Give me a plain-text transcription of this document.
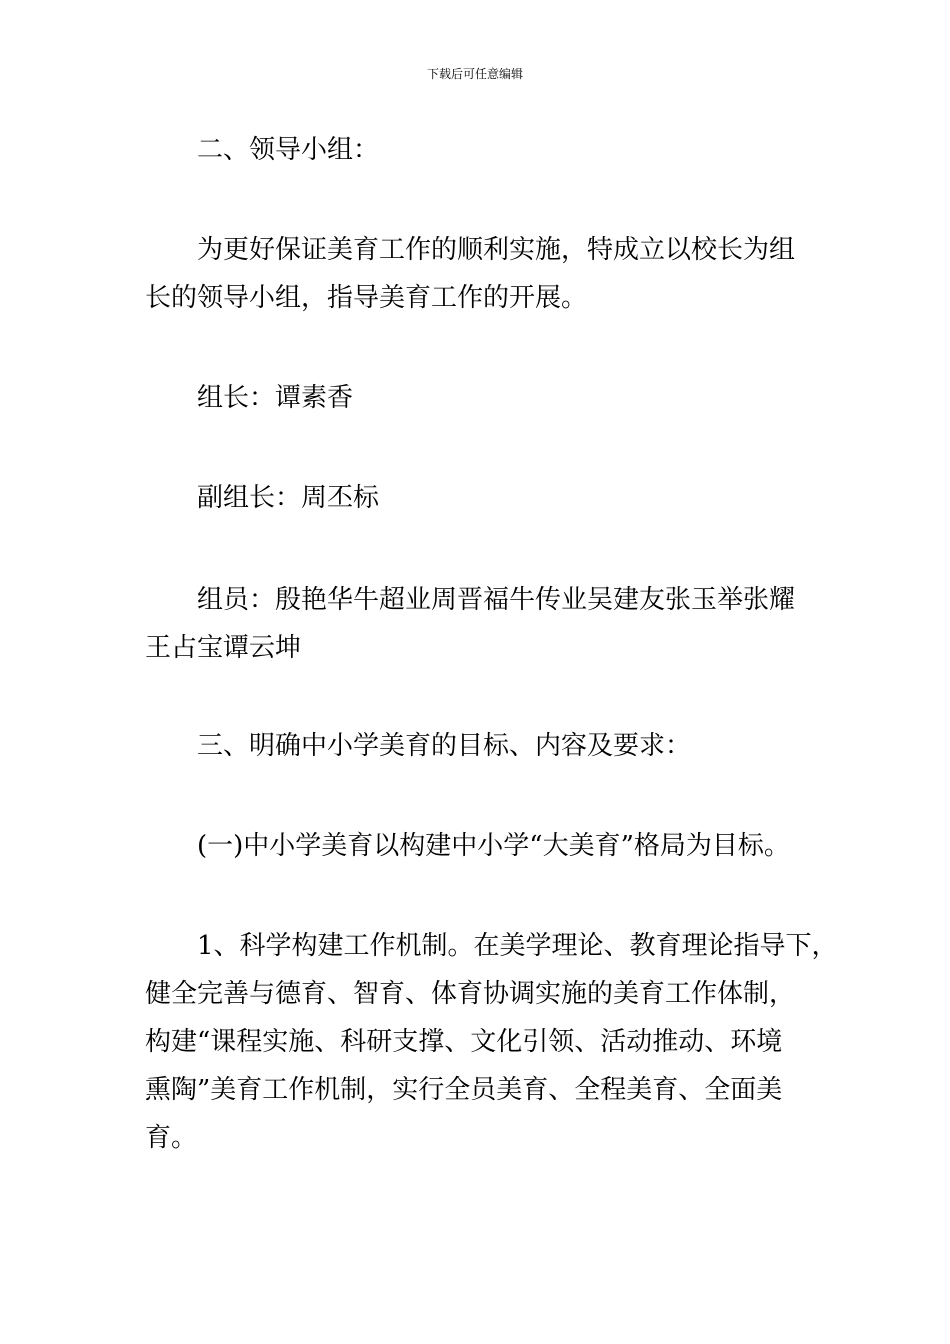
下载后可任意编辑

二、领导小组：

为更好保证美育工作的顺利实施，特成立以校长为组
长的领导小组，指导美育工作的开展。

组长：谭素香

副组长：周丕标

组员：殷艳华牛超业周晋福牛传业吴建友张玉举张耀
王占宝谭云坤

三、明确中小学美育的目标、内容及要求：

(一)中小学美育以构建中小学“大美育”格局为目标。

1、科学构建工作机制。在美学理论、教育理论指导下，
健全完善与德育、智育、体育协调实施的美育工作体制，
构建“课程实施、科研支撑、文化引领、活动推动、环境
熏陶”美育工作机制，实行全员美育、全程美育、全面美
育。
